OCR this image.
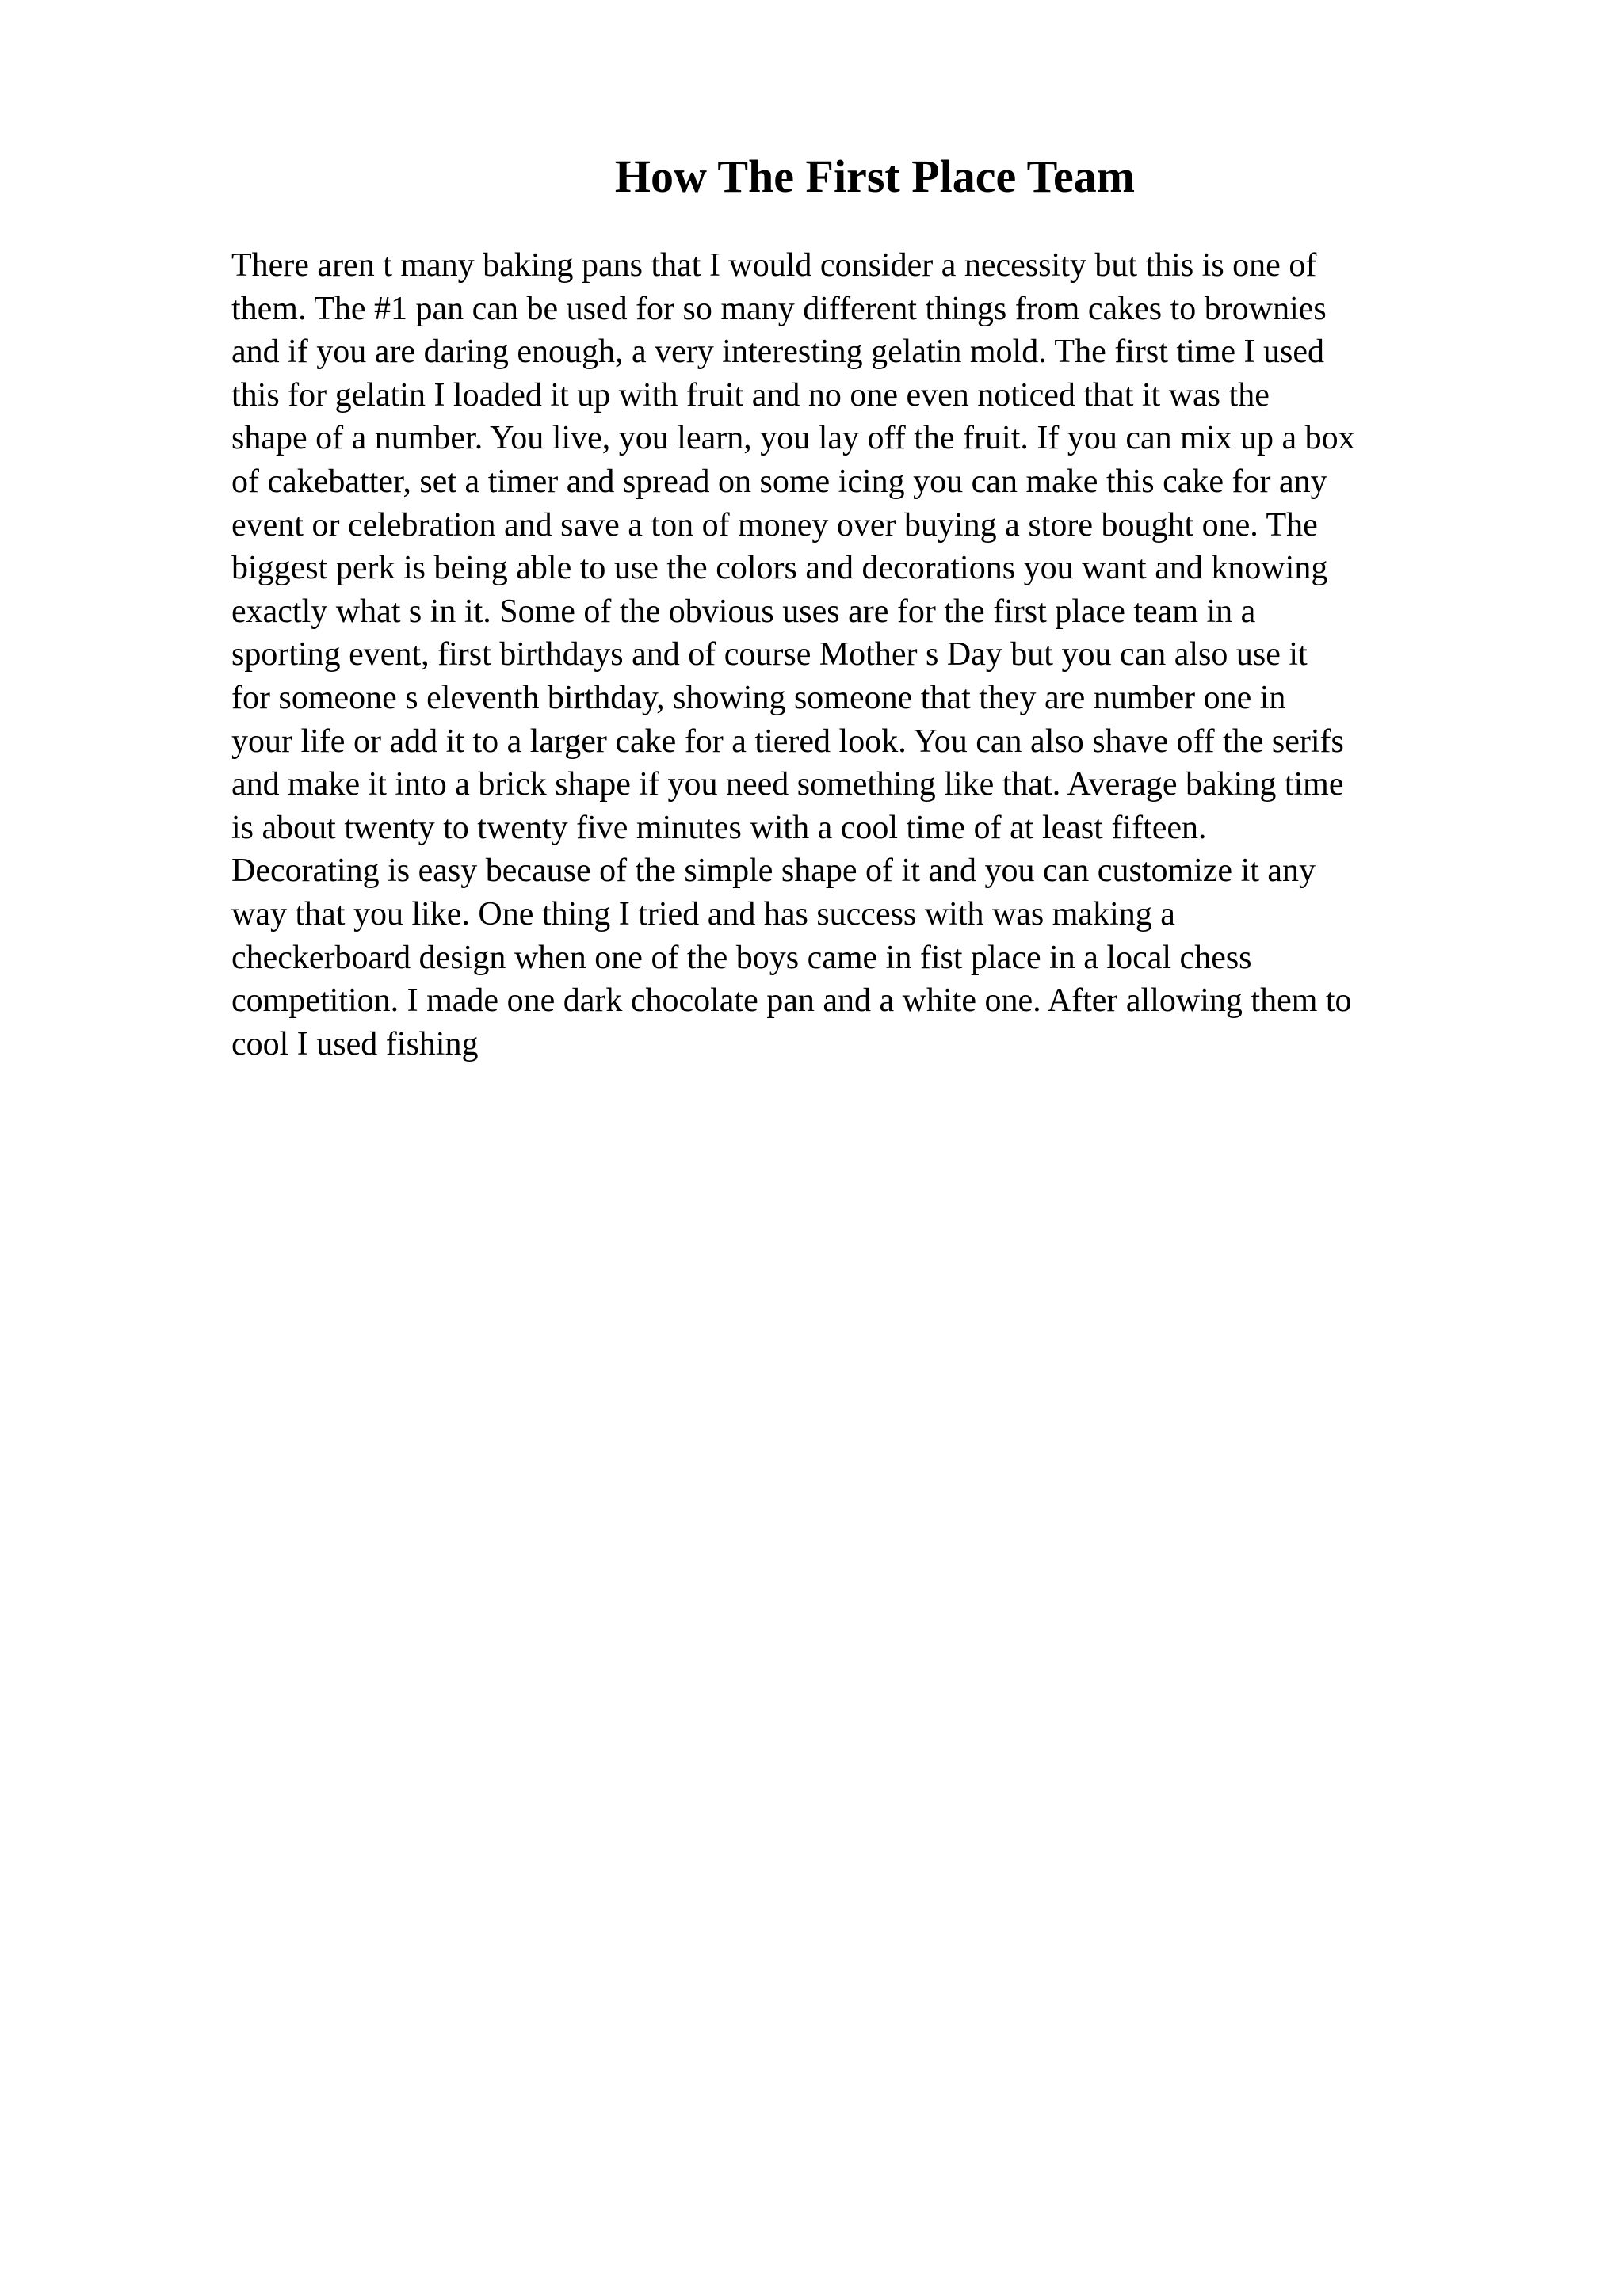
How The First Place Team
There aren t many baking pans that I would consider a necessity but this is one of
them. The #1 pan can be used for so many different things from cakes to brownies
and if you are daring enough, a very interesting gelatin mold. The first time I used
this for gelatin I loaded it up with fruit and no one even noticed that it was the
shape of a number. You live, you learn, you lay off the fruit. If you can mix up a box
of cakebatter, set a timer and spread on some icing you can make this cake for any
event or celebration and save a ton of money over buying a store bought one. The
biggest perk is being able to use the colors and decorations you want and knowing
exactly what s in it. Some of the obvious uses are for the first place team in a
sporting event, first birthdays and of course Mother s Day but you can also use it
for someone s eleventh birthday, showing someone that they are number one in
your life or add it to a larger cake for a tiered look. You can also shave off the serifs
and make it into a brick shape if you need something like that. Average baking time
is about twenty to twenty five minutes with a cool time of at least fifteen.
Decorating is easy because of the simple shape of it and you can customize it any
way that you like. One thing I tried and has success with was making a
checkerboard design when one of the boys came in fist place in a local chess
competition. I made one dark chocolate pan and a white one. After allowing them to
cool I used fishing
